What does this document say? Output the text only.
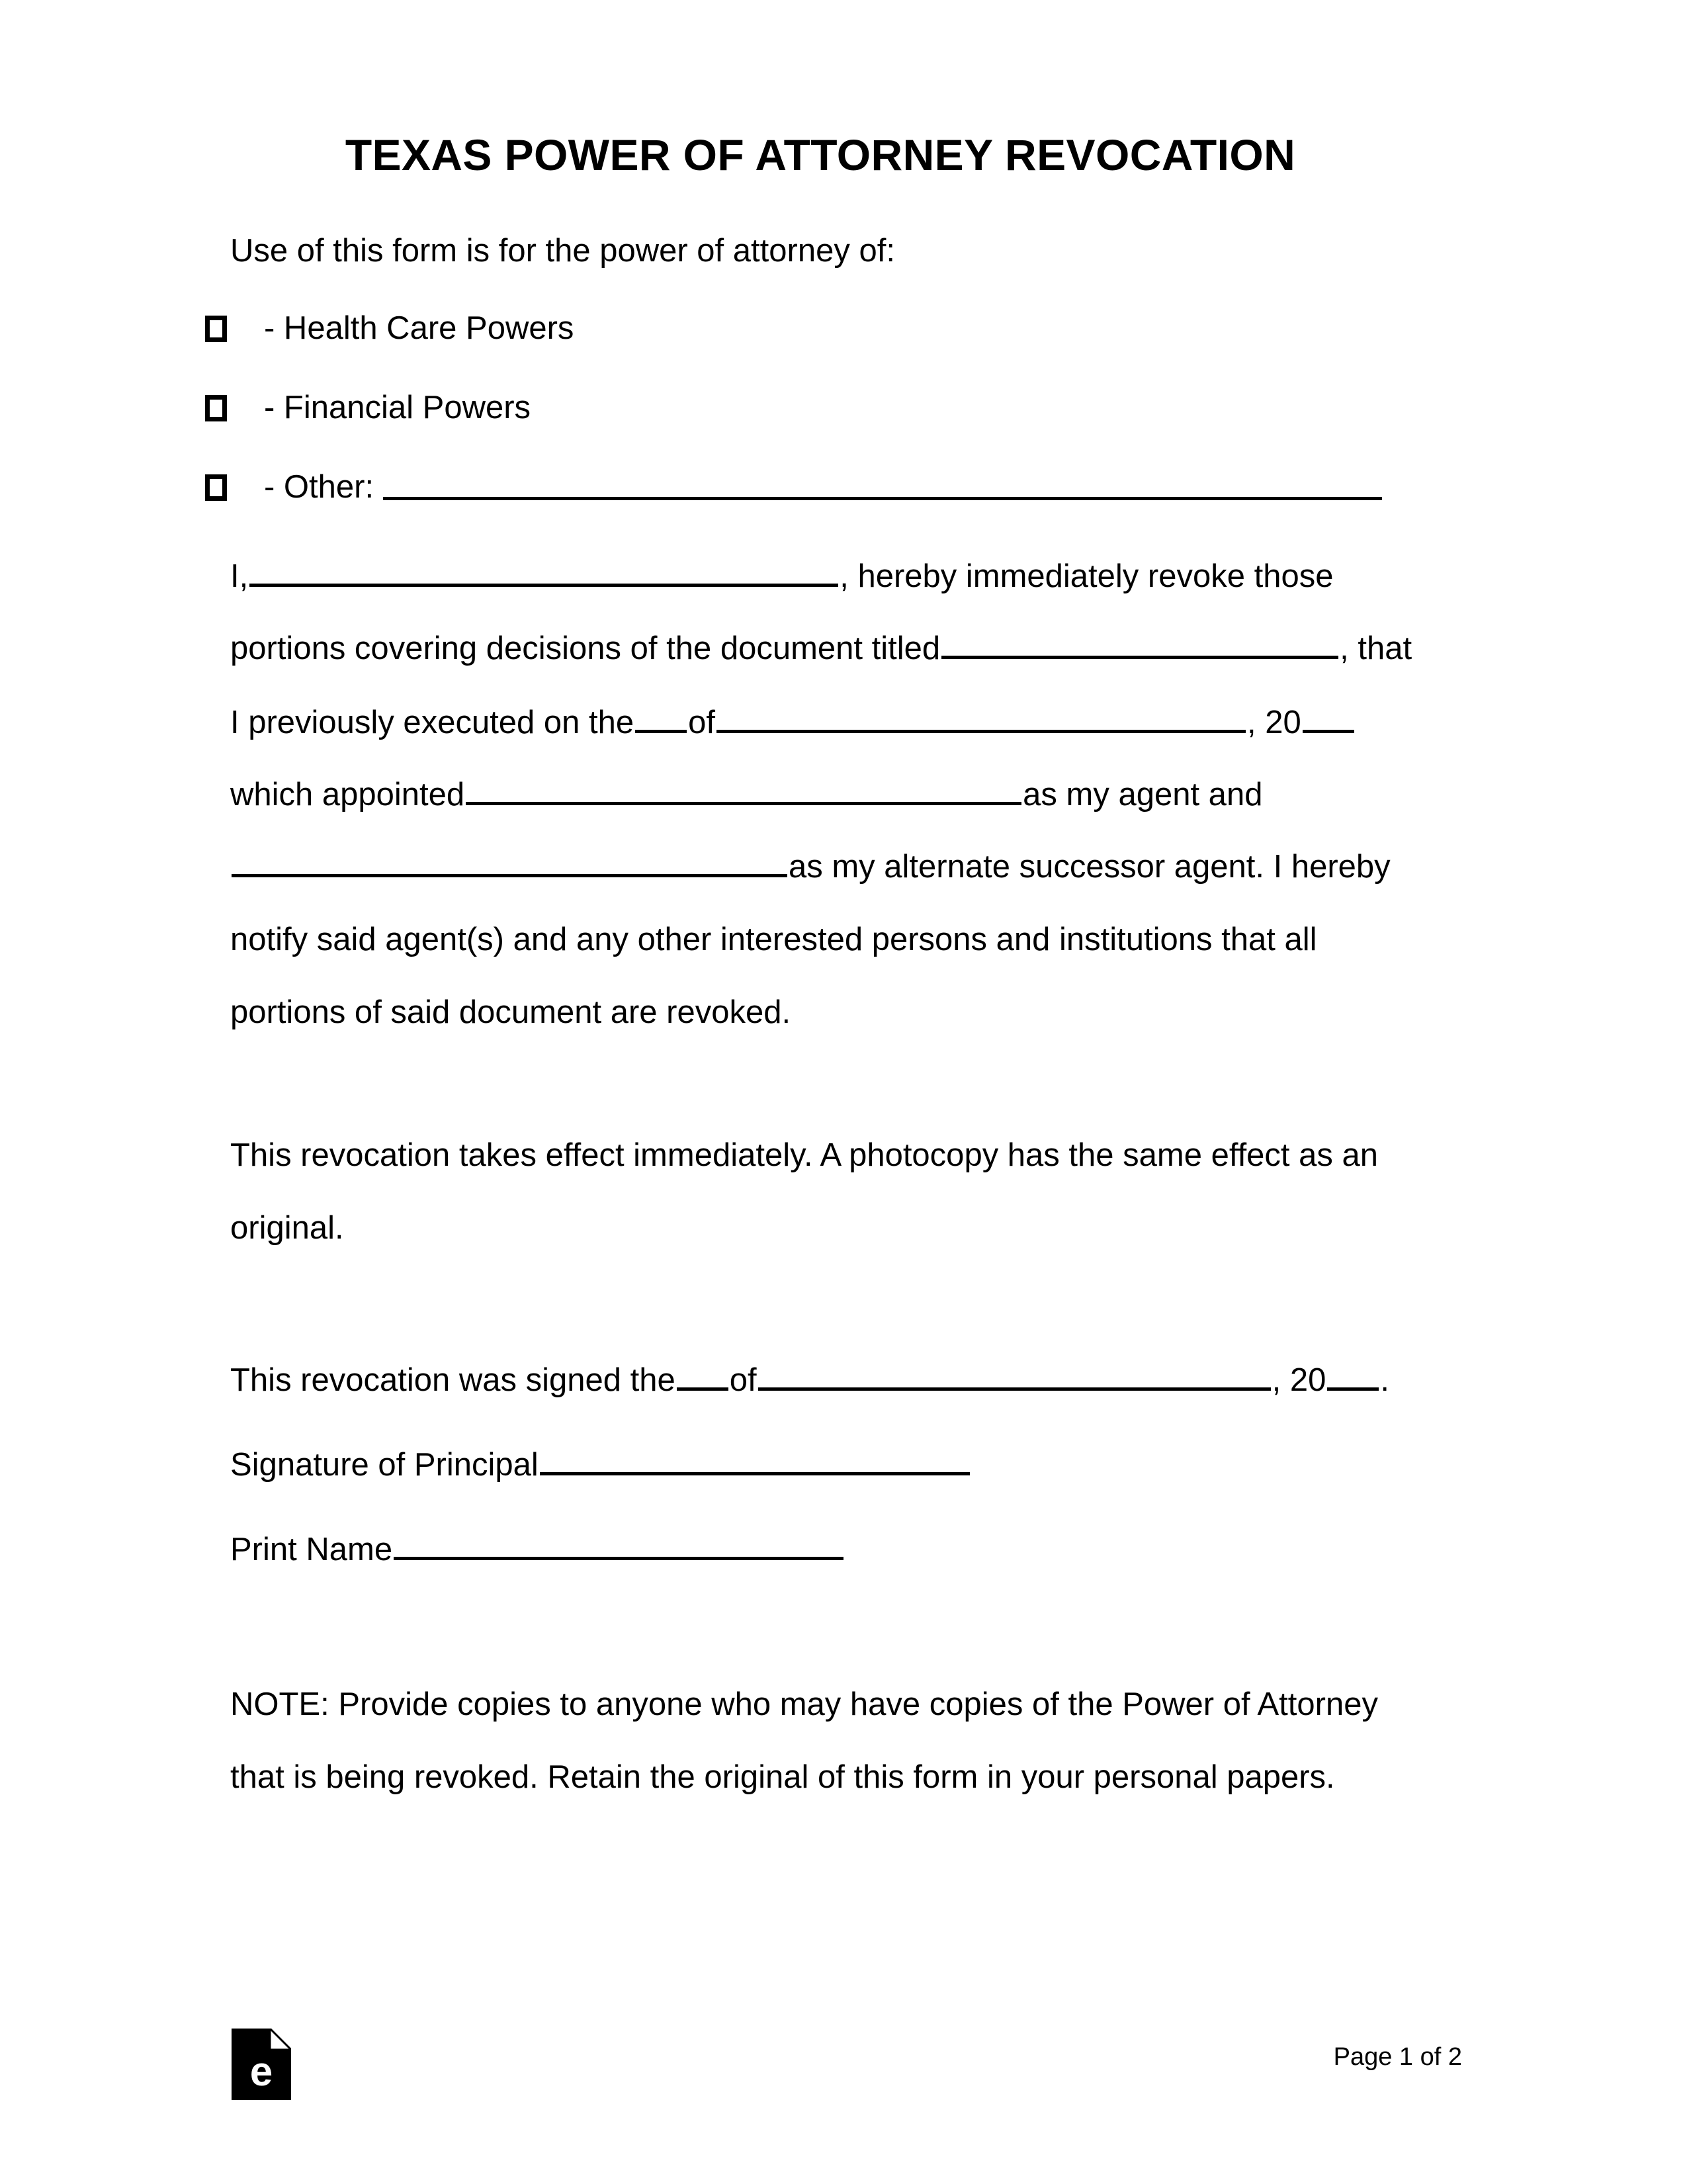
TEXAS POWER OF ATTORNEY REVOCATION
Use of this form is for the power of attorney of:
- Health Care Powers
- Financial Powers
- Other:
I,	, hereby immediately revoke those
portions covering decisions of the document titled	, that
I previously executed on the of	, 20
which appointed	as my agent and
as my alternate successor agent. I hereby
notify said agent(s) and any other interested persons and institutions that all
portions of said document are revoked.
This revocation takes effect immediately. A photocopy has the same effect as an
original.
This revocation was signed the of	, 20 .
Signature of Principal
Print Name
NOTE: Provide copies to anyone who may have copies of the Power of Attorney
that is being revoked. Retain the original of this form in your personal papers.
e	Page 1 of 2
